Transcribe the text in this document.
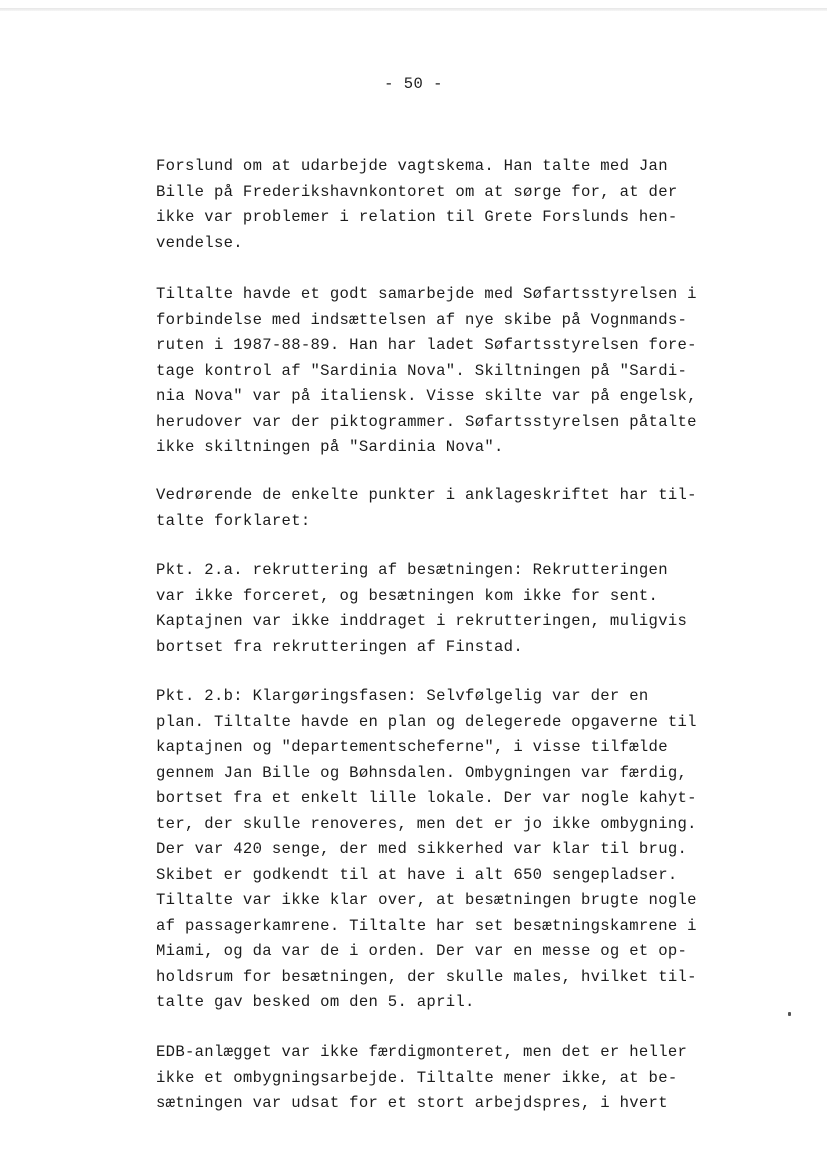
- 50 -

Forslund om at udarbejde vagtskema. Han talte med Jan
Bille på Frederikshavnkontoret om at sørge for, at der
ikke var problemer i relation til Grete Forslunds hen-
vendelse.

Tiltalte havde et godt samarbejde med Søfartsstyrelsen i
forbindelse med indsættelsen af nye skibe på Vognmands-
ruten i 1987-88-89. Han har ladet Søfartsstyrelsen fore-
tage kontrol af "Sardinia Nova". Skiltningen på "Sardi-
nia Nova" var på italiensk. Visse skilte var på engelsk,
herudover var der piktogrammer. Søfartsstyrelsen påtalte
ikke skiltningen på "Sardinia Nova".

Vedrørende de enkelte punkter i anklageskriftet har til-
talte forklaret:

Pkt. 2.a. rekruttering af besætningen: Rekrutteringen
var ikke forceret, og besætningen kom ikke for sent.
Kaptajnen var ikke inddraget i rekrutteringen, muligvis
bortset fra rekrutteringen af Finstad.

Pkt. 2.b: Klargøringsfasen: Selvfølgelig var der en
plan. Tiltalte havde en plan og delegerede opgaverne til
kaptajnen og "departementscheferne", i visse tilfælde
gennem Jan Bille og Bøhnsdalen. Ombygningen var færdig,
bortset fra et enkelt lille lokale. Der var nogle kahyt-
ter, der skulle renoveres, men det er jo ikke ombygning.
Der var 420 senge, der med sikkerhed var klar til brug.
Skibet er godkendt til at have i alt 650 sengepladser.
Tiltalte var ikke klar over, at besætningen brugte nogle
af passagerkamrene. Tiltalte har set besætningskamrene i
Miami, og da var de i orden. Der var en messe og et op-
holdsrum for besætningen, der skulle males, hvilket til-
talte gav besked om den 5. april.

EDB-anlægget var ikke færdigmonteret, men det er heller
ikke et ombygningsarbejde. Tiltalte mener ikke, at be-
sætningen var udsat for et stort arbejdspres, i hvert
